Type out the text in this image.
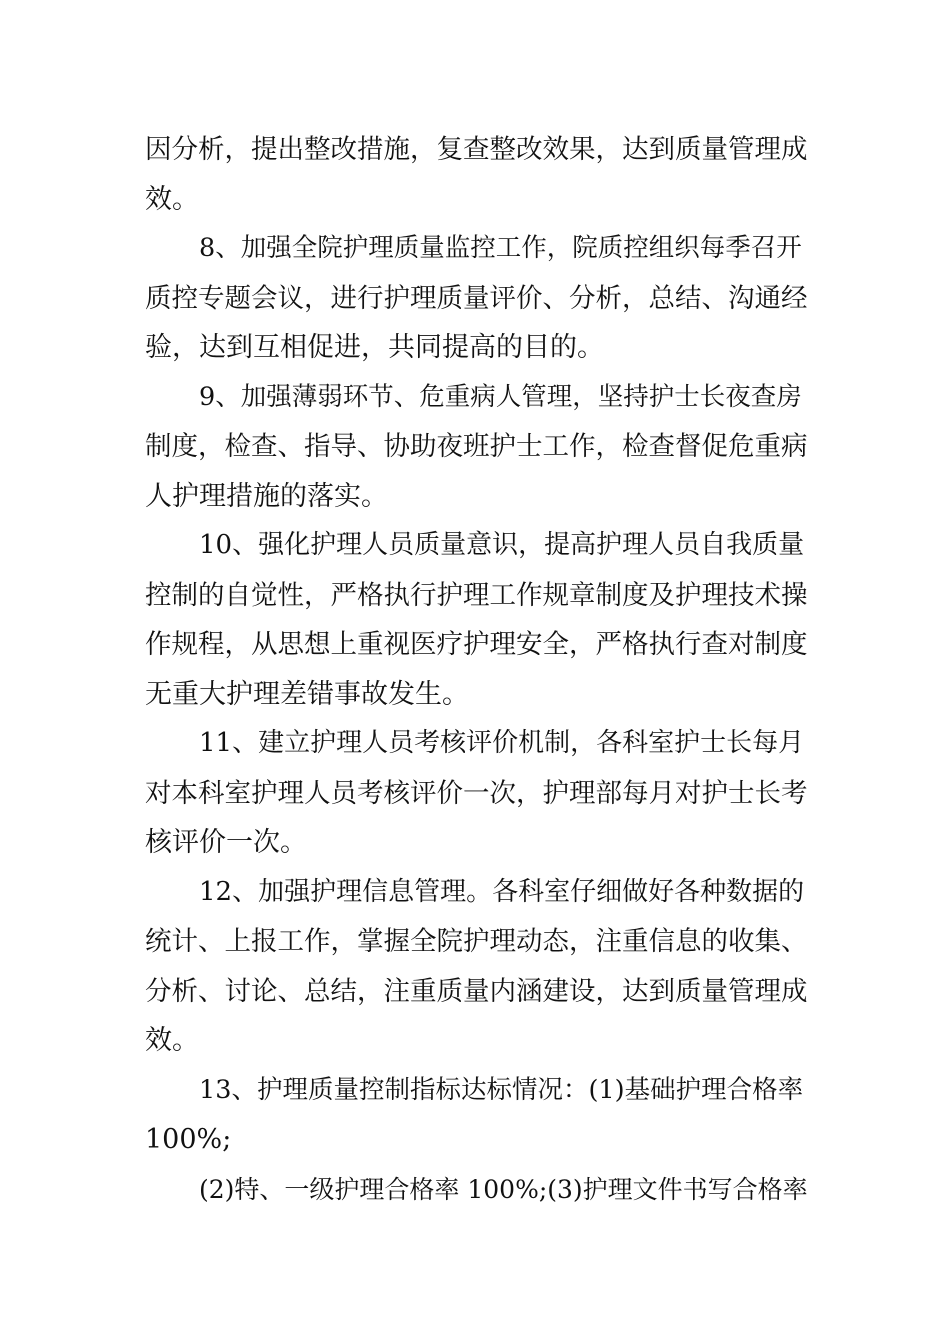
因分析，提出整改措施，复查整改效果，达到质量管理成
效。
8、加强全院护理质量监控工作，院质控组织每季召开
质控专题会议，进行护理质量评价、分析，总结、沟通经
验，达到互相促进，共同提高的目的。
9、加强薄弱环节、危重病人管理，坚持护士长夜查房
制度，检查、指导、协助夜班护士工作，检查督促危重病
人护理措施的落实。
10、强化护理人员质量意识，提高护理人员自我质量
控制的自觉性，严格执行护理工作规章制度及护理技术操
作规程，从思想上重视医疗护理安全，严格执行查对制度
无重大护理差错事故发生。
11、建立护理人员考核评价机制，各科室护士长每月
对本科室护理人员考核评价一次，护理部每月对护士长考
核评价一次。
12、加强护理信息管理。各科室仔细做好各种数据的
统计、上报工作，掌握全院护理动态，注重信息的收集、
分析、讨论、总结，注重质量内涵建设，达到质量管理成
效。
13、护理质量控制指标达标情况：(1)基础护理合格率
100%;
(2)特、一级护理合格率 100%;(3)护理文件书写合格率
